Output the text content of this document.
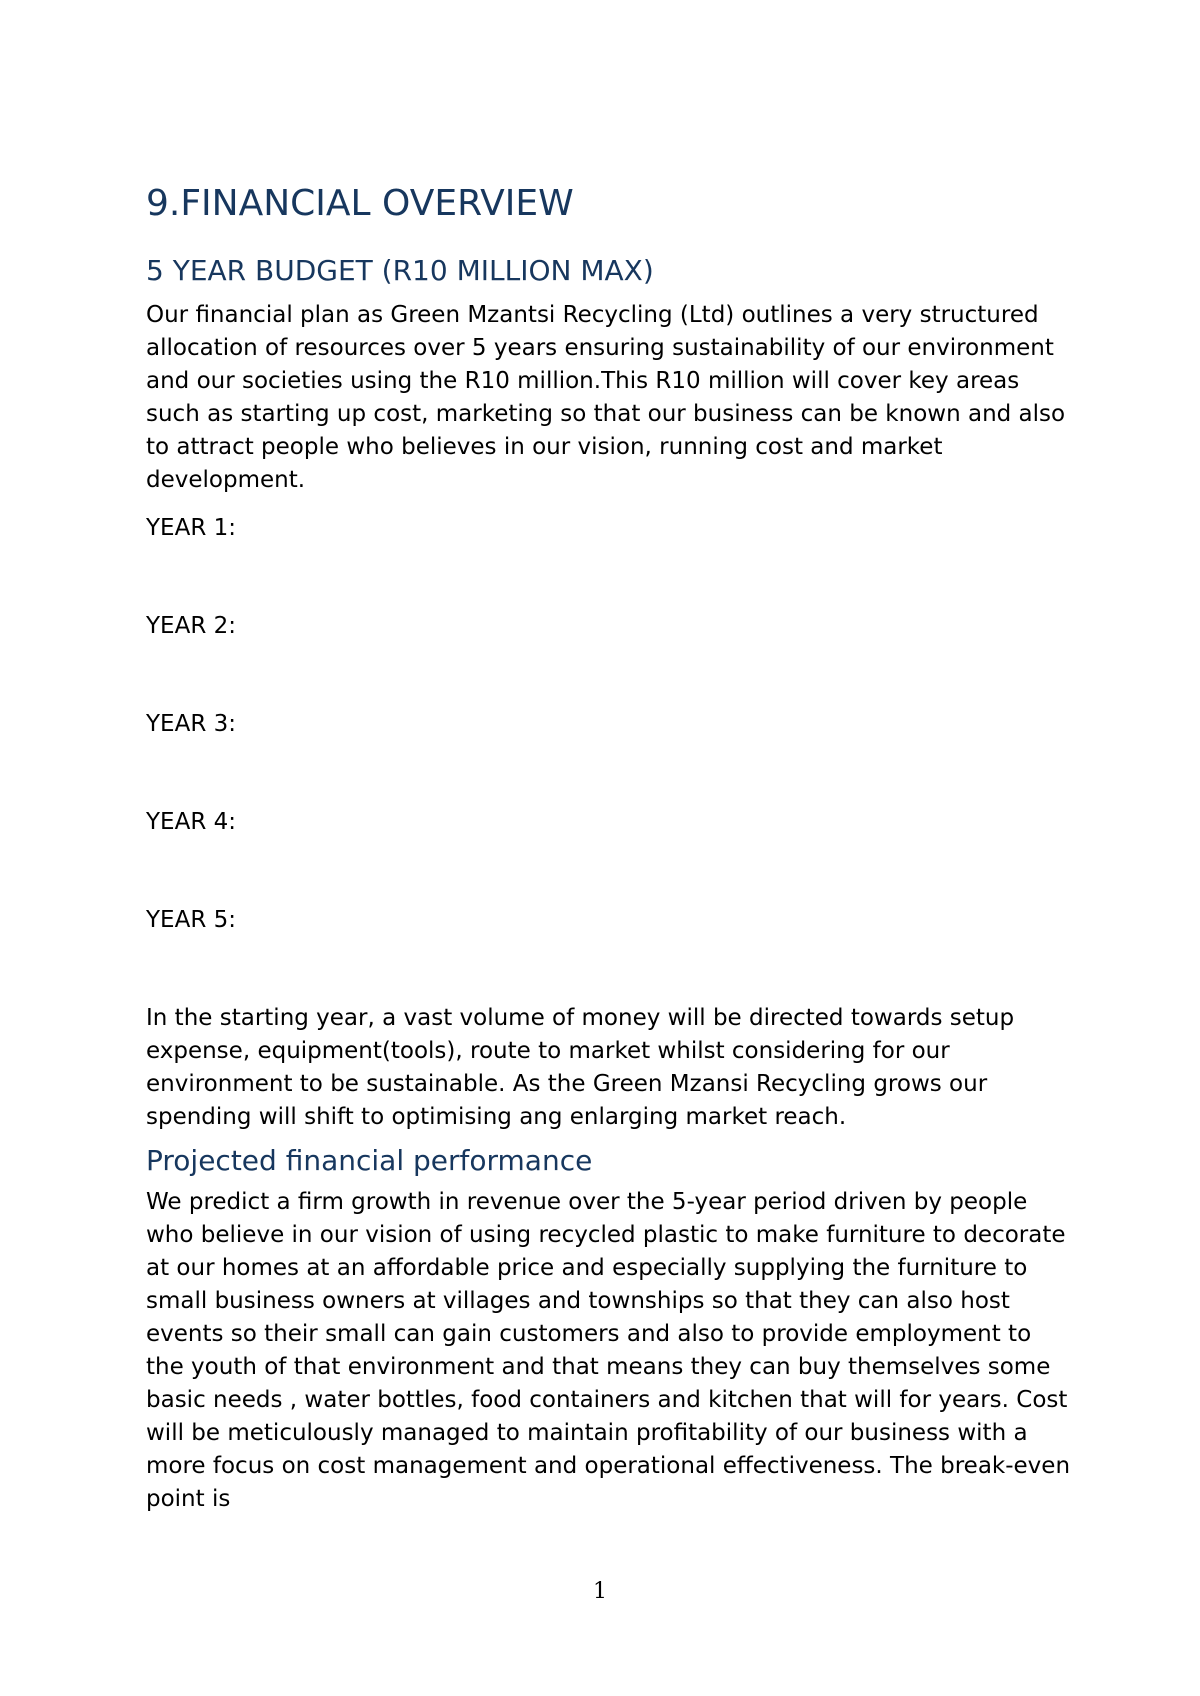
9.FINANCIAL OVERVIEW
5 YEAR BUDGET (R10 MILLION MAX)

Our financial plan as Green Mzantsi Recycling (Ltd) outlines a very structured allocation of resources over 5 years ensuring sustainability of our environment and our societies using the R10 million.This R10 million will cover key areas such as starting up cost, marketing so that our business can be known and also to attract people who believes in our vision, running cost and market development.

YEAR 1:

YEAR 2:

YEAR 3:

YEAR 4:

YEAR 5:

In the starting year, a vast volume of money will be directed towards setup expense, equipment(tools), route to market whilst considering for our environment to be sustainable. As the Green Mzansi Recycling grows our spending will shift to optimising ang enlarging market reach.

Projected financial performance

We predict a firm growth in revenue over the 5-year period driven by people who believe in our vision of using recycled plastic to make furniture to decorate at our homes at an affordable price and especially supplying the furniture to small business owners at villages and townships so that they can also host events so their small can gain customers and also to provide employment to the youth of that environment and that means they can buy themselves some basic needs , water bottles, food containers and kitchen that will for years. Cost will be meticulously managed to maintain profitability of our business with a more focus on cost management and operational effectiveness. The break-even point is

1
